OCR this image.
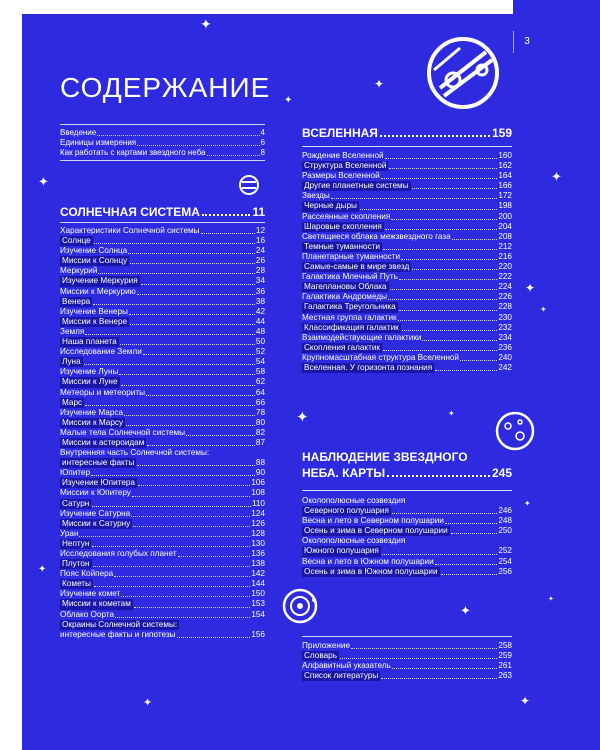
3
✦
✦
✦
✦	✦
✦
✦
✦	✦
✦
✦
✦
✦	✦
✦
СОДЕРЖАНИЕ
Введение	4
Единицы измерения	6
Как работать с картами звездного неба	8
СОЛНЕЧНАЯ СИСТЕМА	11
Характеристики Солнечной системы	12
Солнце	16
Изучение Солнца	24
Миссии к Солнцу	26
Меркурий	28
Изучение Меркурия	34
Миссии к Меркурию	36
Венера	38
Изучение Венеры	42
Миссии к Венере	44
Земля	48
Наша планета	50
Исследование Земли	52
Луна	54
Изучение Луны	58
Миссии к Луне	62
Метеоры и метеориты	64
Марс	66
Изучение Марса	78
Миссии к Марсу	80
Малые тела Солнечной системы	82
Миссии к астероидам	87
Внутренняя часть Солнечной системы:
интересные факты	88
Юпитер	90
Изучение Юпитера	106
Миссии к Юпитеру	108
Сатурн	110
Изучение Сатурна	124
Миссии к Сатурну	126
Уран	128
Нептун	130
Исследования голубых планет	136
Плутон	138
Пояс Койпера	142
Кометы	144
Изучение комет	150
Миссии к кометам	153
Облако Оорта	154
Окраины Солнечной системы:
интересные факты и гипотезы	156
ВСЕЛЕННАЯ	159
Рождение Вселенной	160
Структура Вселенной	162
Размеры Вселенной	164
Другие планетные системы	166
Звезды	172
Черные дыры	198
Рассеянные скопления	200
Шаровые скопления	204
Светящиеся облака межзвездного газа	208
Темные туманности	212
Планетарные туманности	216
Самые-самые в мире звезд	220
Галактика Млечный Путь	222
Магеллановы Облака	224
Галактика Андромеды	226
Галактика Треугольника	228
Местная группа галактик	230
Классификация галактик	232
Взаимодействующие галактики	234
Скопления галактик	236
Крупномасштабная структура Вселенной	240
Вселенная. У горизонта познания	242
НАБЛЮДЕНИЕ ЗВЕЗДНОГО
НЕБА. КАРТЫ	245
Околополюсные созвездия
Северного полушария	246
Весна и лето в Северном полушарии	248
Осень и зима в Северном полушарии	250
Околополюсные созвездия
Южного полушария	252
Весна и лето в Южном полушарии	254
Осень и зима в Южном полушарии	256
Приложение	258
Словарь	259
Алфавитный указатель	261
Список литературы	263
